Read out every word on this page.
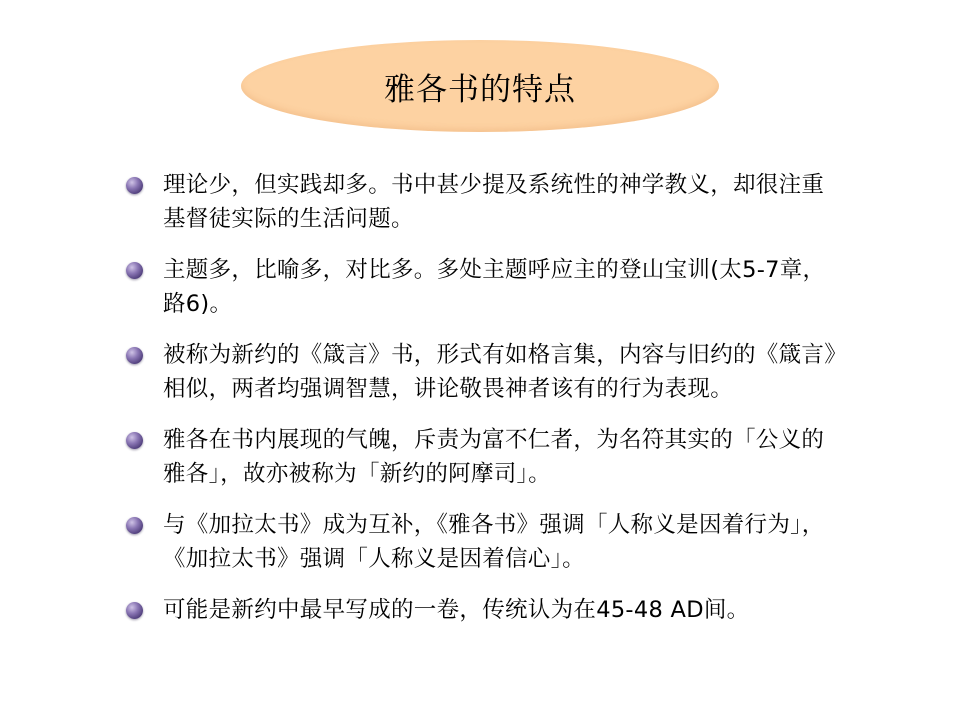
雅各书的特点
理论少，但实践却多。书中甚少提及系统性的神学教义，却很注重基督徒实际的生活问题。
主题多，比喻多，对比多。多处主题呼应主的登山宝训(太5-7章，路6)。
被称为新约的《箴言》书，形式有如格言集，内容与旧约的《箴言》相似，两者均强调智慧，讲论敬畏神者该有的行为表现。
雅各在书内展现的气魄，斥责为富不仁者，为名符其实的「公义的雅各」，故亦被称为「新约的阿摩司」。
与《加拉太书》成为互补，《雅各书》强调「人称义是因着行为」，《加拉太书》强调「人称义是因着信心」。
可能是新约中最早写成的一卷，传统认为在45-48 AD间。
